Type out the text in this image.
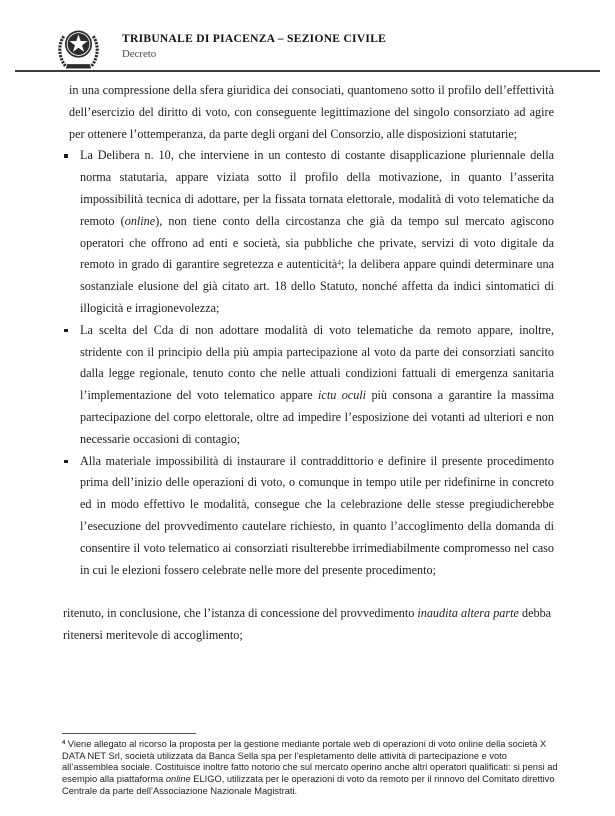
TRIBUNALE DI PIACENZA – SEZIONE CIVILE
Decreto

in una compressione della sfera giuridica dei consociati, quantomeno sotto il profilo dell’effettività dell’esercizio del diritto di voto, con conseguente legittimazione del singolo consorziato ad agire per ottenere l’ottemperanza, da parte degli organi del Consorzio, alle disposizioni statutarie;

La Delibera n. 10, che interviene in un contesto di costante disapplicazione pluriennale della norma statutaria, appare viziata sotto il profilo della motivazione, in quanto l’asserita impossibilità tecnica di adottare, per la fissata tornata elettorale, modalità di voto telematiche da remoto (online), non tiene conto della circostanza che già da tempo sul mercato agiscono operatori che offrono ad enti e società, sia pubbliche che private, servizi di voto digitale da remoto in grado di garantire segretezza e autenticità$^4$; la delibera appare quindi determinare una sostanziale elusione del già citato art. 18 dello Statuto, nonché affetta da indici sintomatici di illogicità e irragionevolezza;
La scelta del Cda di non adottare modalità di voto telematiche da remoto appare, inoltre, stridente con il principio della più ampia partecipazione al voto da parte dei consorziati sancito dalla legge regionale, tenuto conto che nelle attuali condizioni fattuali di emergenza sanitaria l’implementazione del voto telematico appare ictu oculi più consona a garantire la massima partecipazione del corpo elettorale, oltre ad impedire l’esposizione dei votanti ad ulteriori e non necessarie occasioni di contagio;
Alla materiale impossibilità di instaurare il contraddittorio e definire il presente procedimento prima dell’inizio delle operazioni di voto, o comunque in tempo utile per ridefinirne in concreto ed in modo effettivo le modalità, consegue che la celebrazione delle stesse pregiudicherebbe l’esecuzione del provvedimento cautelare richiesto, in quanto l’accoglimento della domanda di consentire il voto telematico ai consorziati risulterebbe irrimediabilmente compromesso nel caso in cui le elezioni fossero celebrate nelle more del presente procedimento;

ritenuto, in conclusione, che l’istanza di concessione del provvedimento inaudita altera parte debba ritenersi meritevole di accoglimento;

$^4$ Viene allegato al ricorso la proposta per la gestione mediante portale web di operazioni di voto online della società X DATA NET Srl, società utilizzata da Banca Sella spa per l’espletamento delle attività di partecipazione e voto all’assemblea sociale. Costituisce inoltre fatto notorio che sul mercato operino anche altri operatori qualificati: si pensi ad esempio alla piattaforma online ELIGO, utilizzata per le operazioni di voto da remoto per il rinnovo del Comitato direttivo Centrale da parte dell’Associazione Nazionale Magistrati.
